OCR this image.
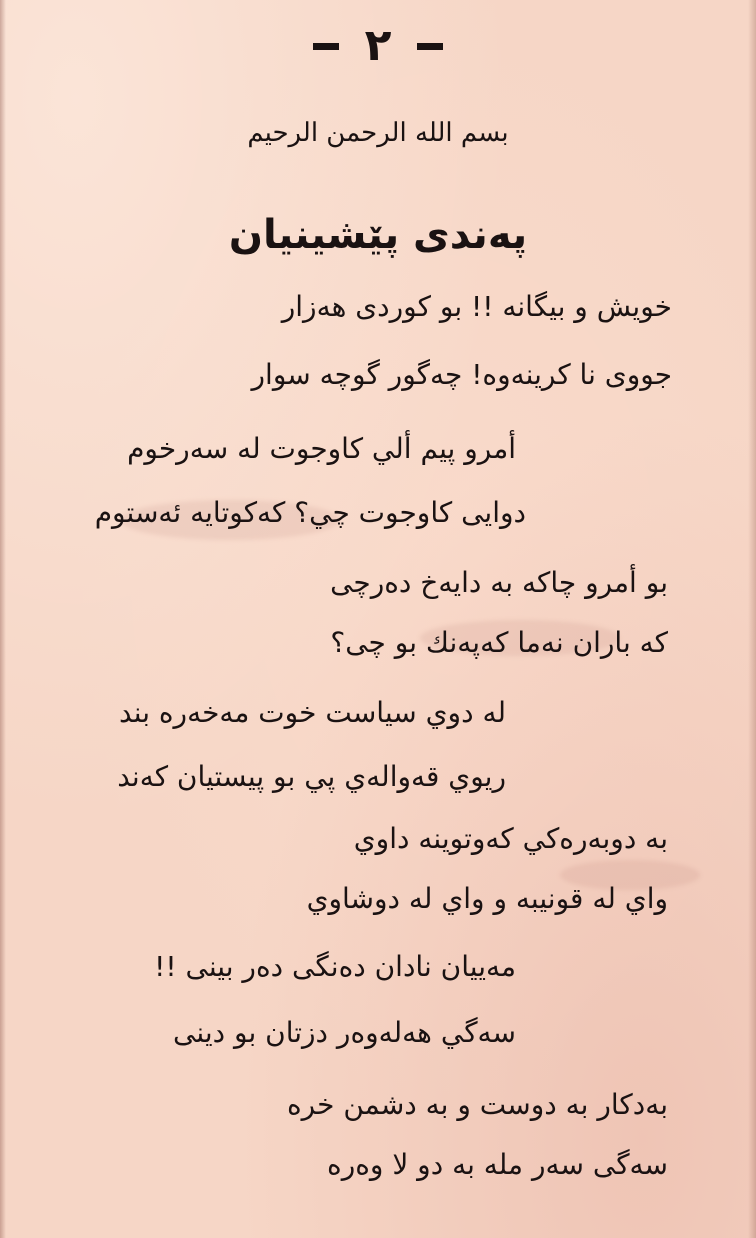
٢
بسم الله الرحمن الرحيم
پەندی پێشینیان
خویش و بیگانە !! بو کوردی هەزار
جووی نا کرینەوە! چەگور گوچە سوار
أمرو پیم ألي کاوجوت لە سەرخوم
دوایی کاوجوت چي؟ کەکوتایە ئەستوم
بو أمرو چاکە بە دایەخ دەرچی
کە باران نەما کەپەنك بو چی؟
لە دوي سیاست خوت مەخەرە بند
ریوي قەوالەي پي بو پیستیان کەند
بە دوبەرەکي کەوتوینە داوي
واي لە قونیبە و واي لە دوشاوي
مەییان نادان دەنگی دەر بینی !!
سەگي هەلەوەر دزتان بو دینی
بەدکار بە دوست و بە دشمن خرە
سەگی سەر ملە بە دو لا وەرە
